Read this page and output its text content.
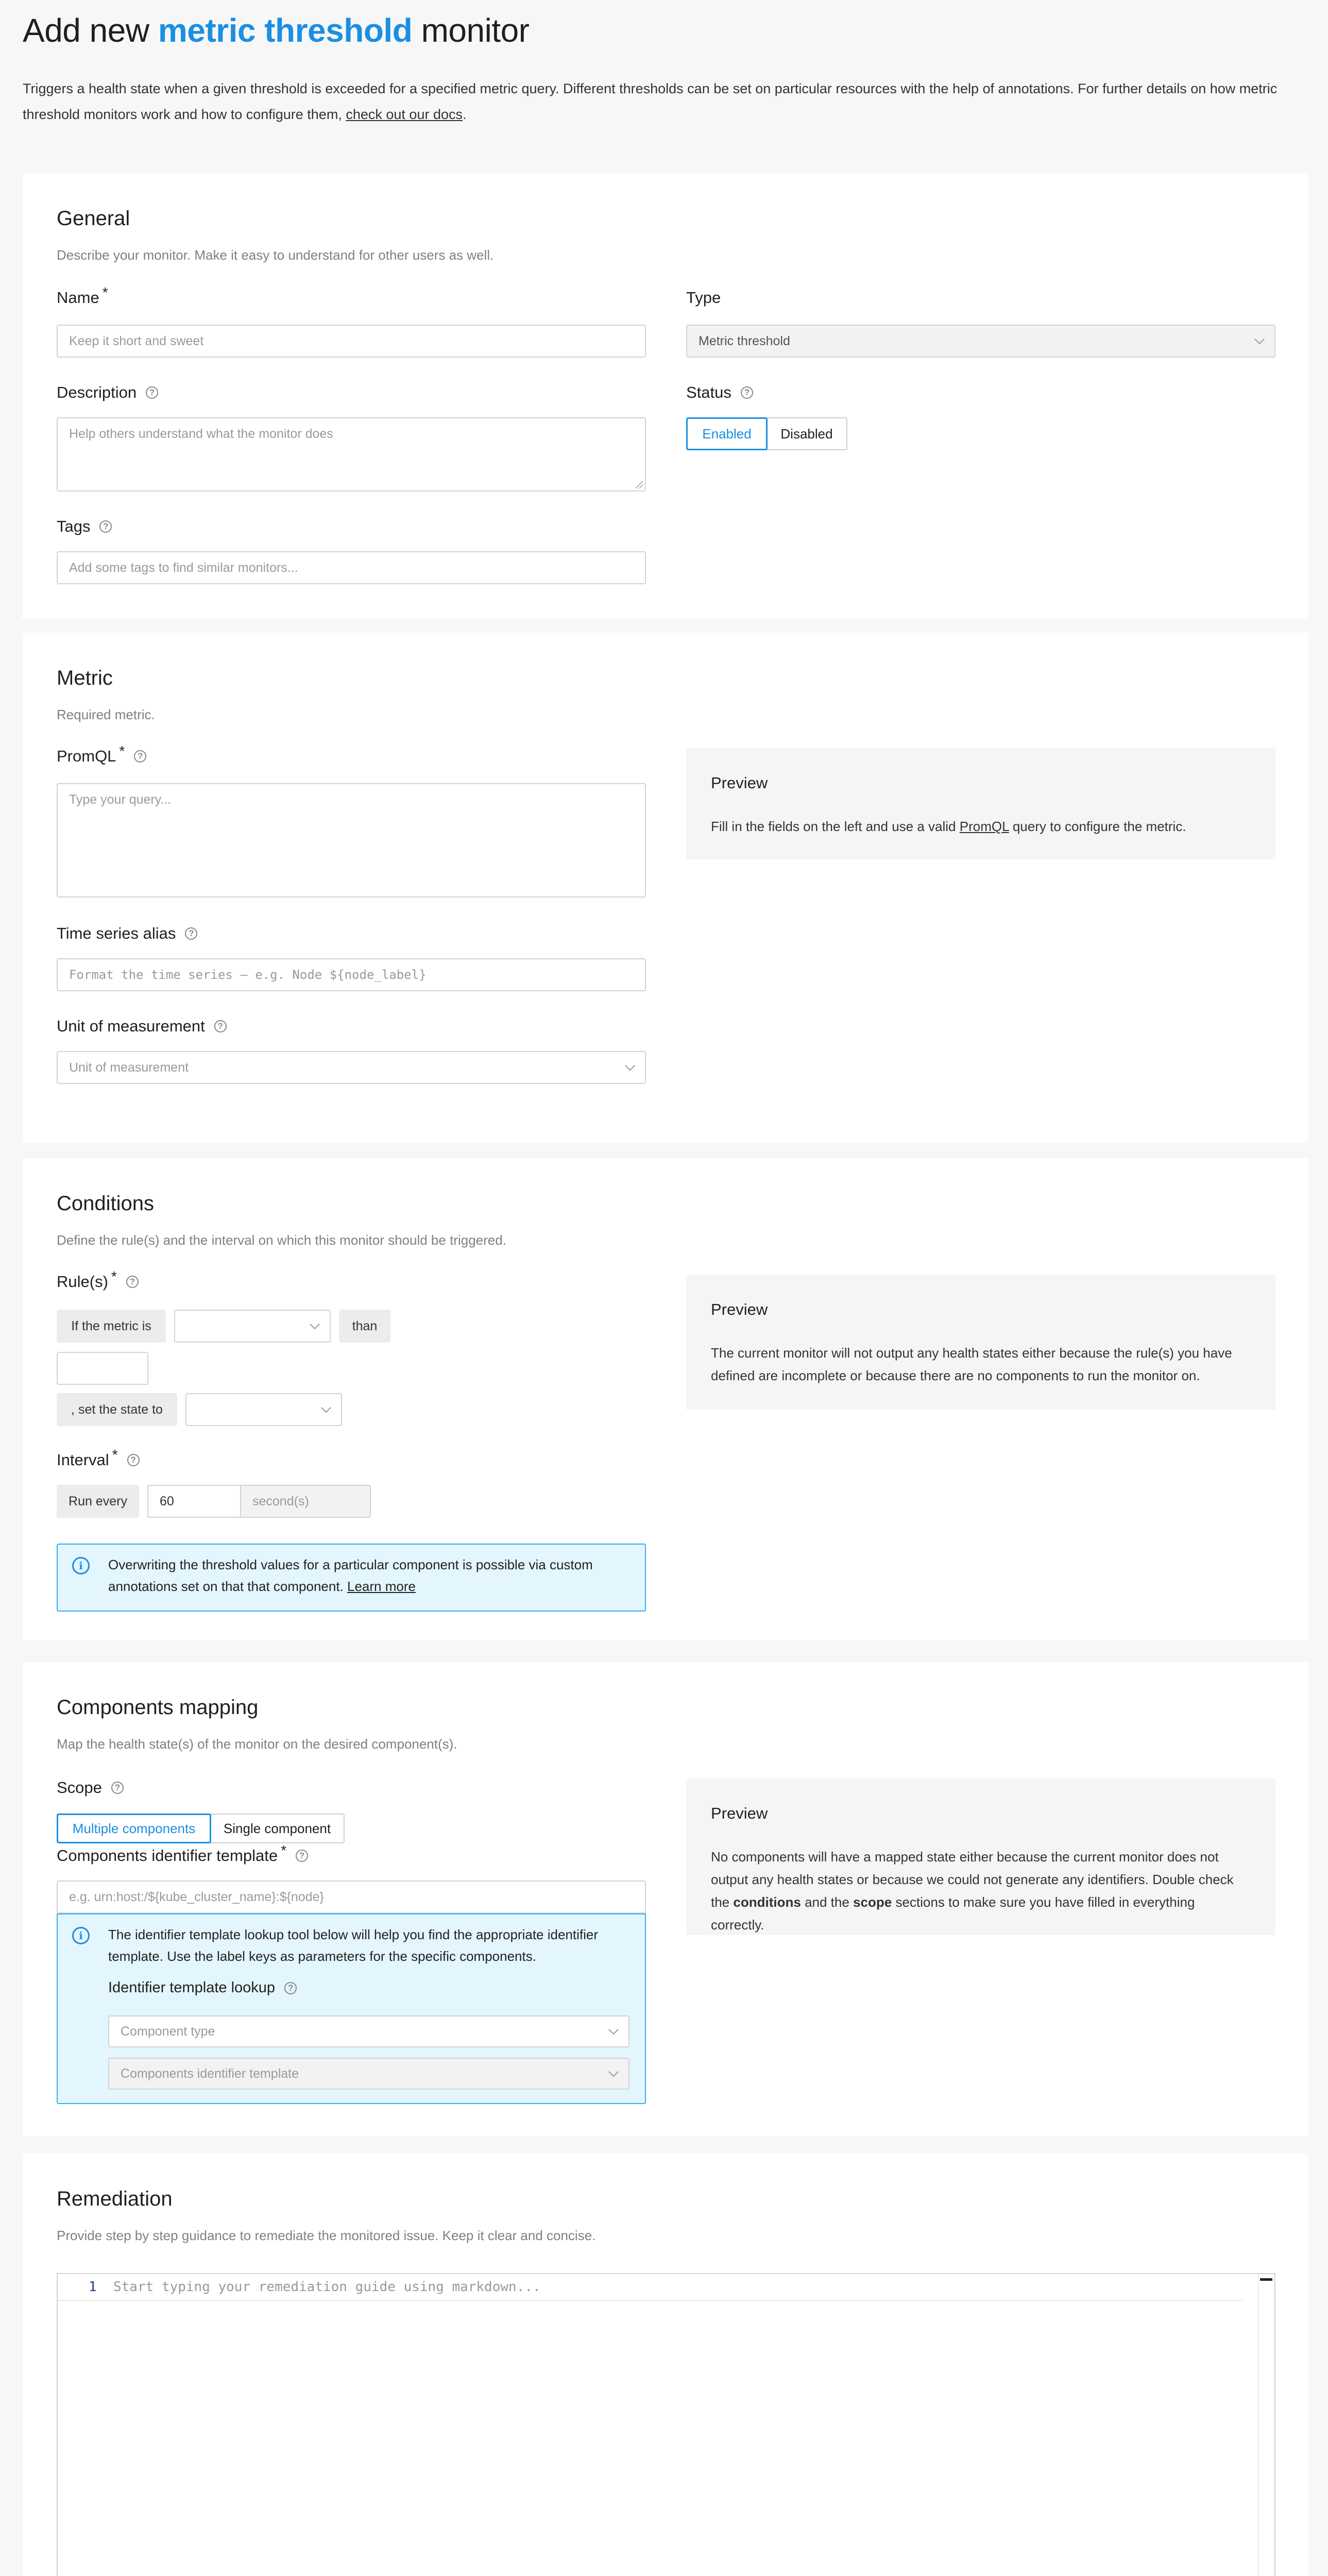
Add new metric threshold monitor

Triggers a health state when a given threshold is exceeded for a specified metric query. Different thresholds can be set on particular resources with the help of annotations. For further details on how metric threshold monitors work and how to configure them, check out our docs.

General

Describe your monitor. Make it easy to understand for other users as well.

Name *
Keep it short and sweet
Description	?
Help others understand what the monitor does
Tags	?
Add some tags to find similar monitors...
Type
Metric threshold
Status	?
Enabled	Disabled
Metric

Required metric.

PromQL *	?
Type your query...
Time series alias	?
Format the time series — e.g. Node ${node_label}
Unit of measurement	?
Unit of measurement
Preview

Fill in the fields on the left and use a valid PromQL query to configure the metric.

Conditions

Define the rule(s) and the interval on which this monitor should be triggered.

Rule(s) *	?
If the metric is	than
, set the state to
Interval *	?
Run every	60	second(s)
i	Overwriting the threshold values for a particular component is possible via custom annotations set on that that component. Learn more

Preview

The current monitor will not output any health states either because the rule(s) you have defined are incomplete or because there are no components to run the monitor on.

Components mapping

Map the health state(s) of the monitor on the desired component(s).

Scope	?
Multiple components	Single component
Components identifier template *	?
e.g. urn:host:/${kube_cluster_name}:${node}
i	The identifier template lookup tool below will help you find the appropriate identifier template. Use the label keys as parameters for the specific components.

Identifier template lookup	?
Component type
Components identifier template
Preview

No components will have a mapped state either because the current monitor does not output any health states or because we could not generate any identifiers. Double check the conditions and the scope sections to make sure you have filled in everything correctly.

Remediation

Provide step by step guidance to remediate the monitored issue. Keep it clear and concise.

1 Start typing your remediation guide using markdown...
